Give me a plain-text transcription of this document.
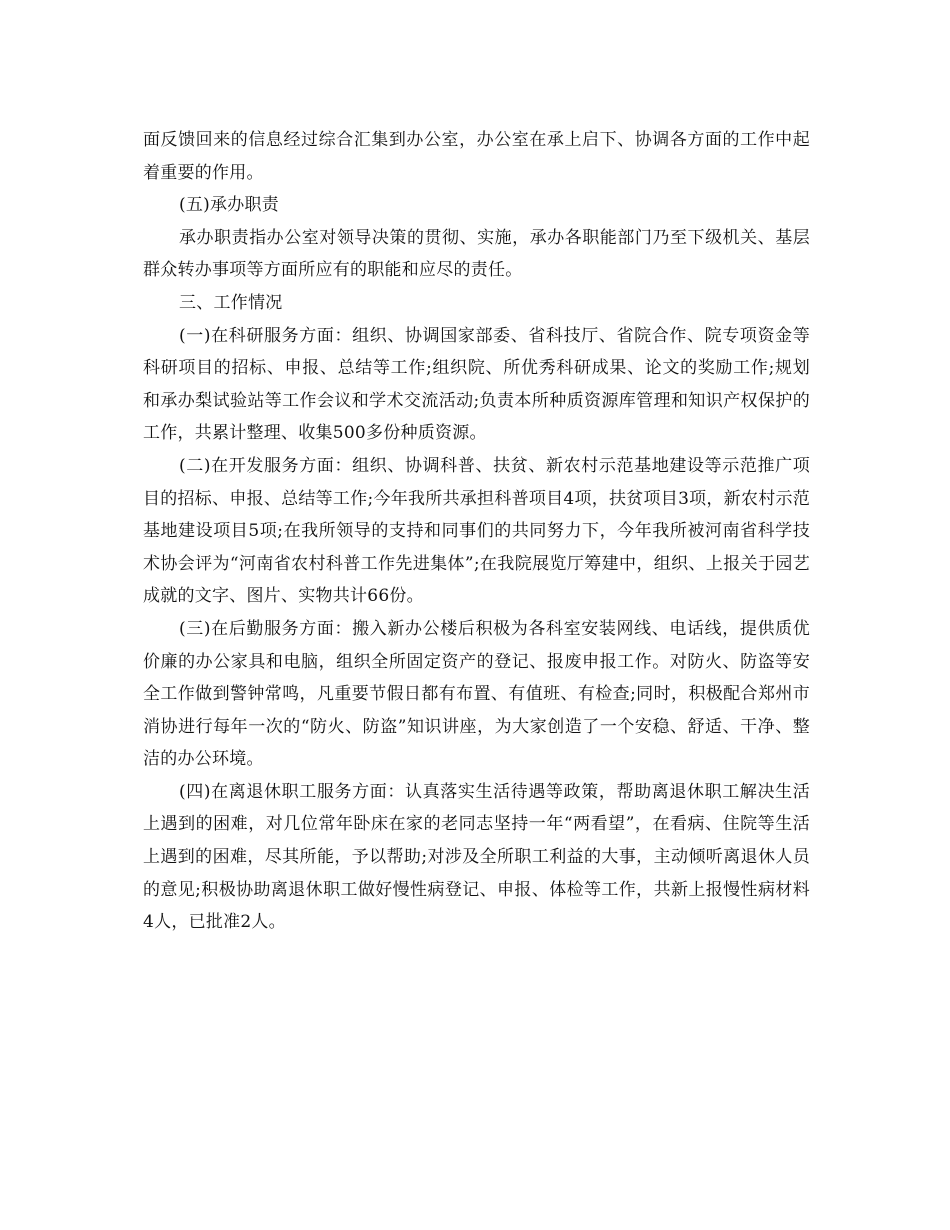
面反馈回来的信息经过综合汇集到办公室，办公室在承上启下、协调各方面的工作中起着重要的作用。

(五)承办职责

承办职责指办公室对领导决策的贯彻、实施，承办各职能部门乃至下级机关、基层群众转办事项等方面所应有的职能和应尽的责任。

三、工作情况

(一)在科研服务方面：组织、协调国家部委、省科技厅、省院合作、院专项资金等科研项目的招标、申报、总结等工作;组织院、所优秀科研成果、论文的奖励工作;规划和承办梨试验站等工作会议和学术交流活动;负责本所种质资源库管理和知识产权保护的工作，共累计整理、收集500多份种质资源。

(二)在开发服务方面：组织、协调科普、扶贫、新农村示范基地建设等示范推广项目的招标、申报、总结等工作;今年我所共承担科普项目4项，扶贫项目3项，新农村示范基地建设项目5项;在我所领导的支持和同事们的共同努力下，今年我所被河南省科学技术协会评为“河南省农村科普工作先进集体”;在我院展览厅筹建中，组织、上报关于园艺成就的文字、图片、实物共计66份。

(三)在后勤服务方面：搬入新办公楼后积极为各科室安装网线、电话线，提供质优价廉的办公家具和电脑，组织全所固定资产的登记、报废申报工作。对防火、防盗等安全工作做到警钟常鸣，凡重要节假日都有布置、有值班、有检查;同时，积极配合郑州市消协进行每年一次的“防火、防盗”知识讲座，为大家创造了一个安稳、舒适、干净、整洁的办公环境。

(四)在离退休职工服务方面：认真落实生活待遇等政策，帮助离退休职工解决生活上遇到的困难，对几位常年卧床在家的老同志坚持一年“两看望”，在看病、住院等生活上遇到的困难，尽其所能，予以帮助;对涉及全所职工利益的大事，主动倾听离退休人员的意见;积极协助离退休职工做好慢性病登记、申报、体检等工作，共新上报慢性病材料4人，已批准2人。
